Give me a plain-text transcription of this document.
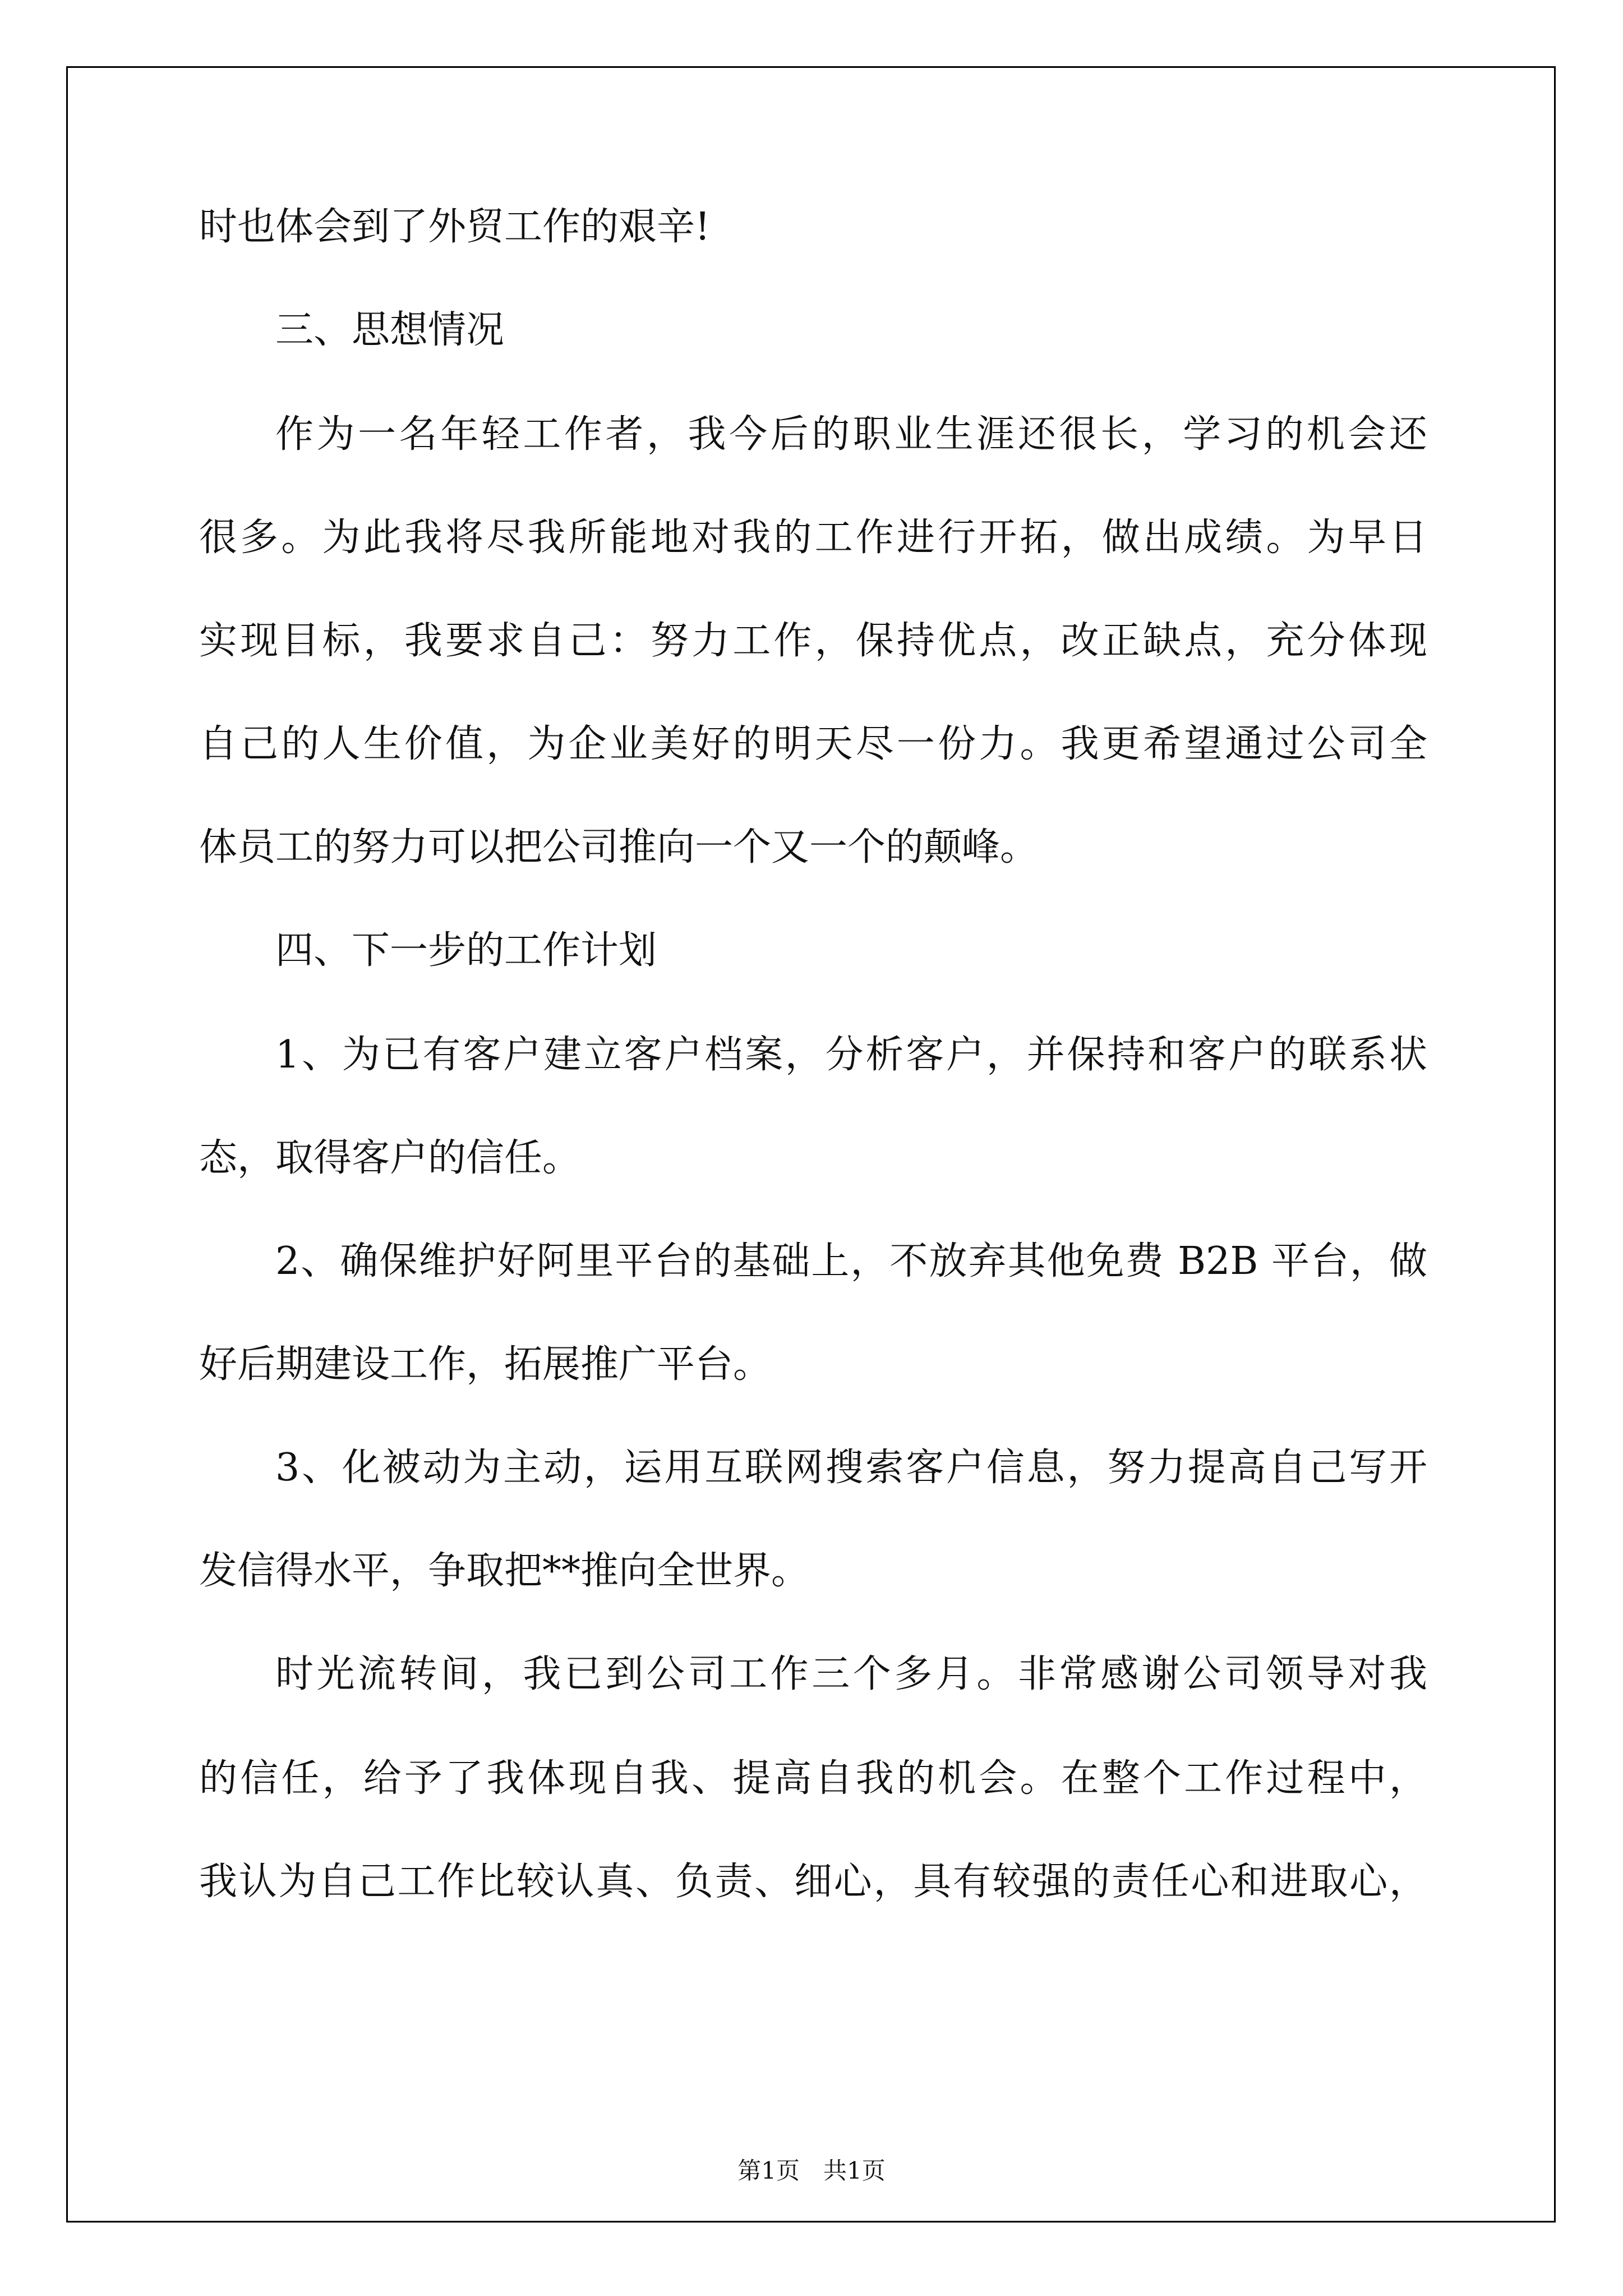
时也体会到了外贸工作的艰辛!
三、思想情况
作为一名年轻工作者，我今后的职业生涯还很长，学习的机会还
很多。为此我将尽我所能地对我的工作进行开拓，做出成绩。为早日
实现目标，我要求自己：努力工作，保持优点，改正缺点，充分体现
自己的人生价值，为企业美好的明天尽一份力。我更希望通过公司全
体员工的努力可以把公司推向一个又一个的颠峰。
四、下一步的工作计划
1、为已有客户建立客户档案，分析客户，并保持和客户的联系状
态，取得客户的信任。
2、确保维护好阿里平台的基础上，不放弃其他免费 B2B 平台，做
好后期建设工作，拓展推广平台。
3、化被动为主动，运用互联网搜索客户信息，努力提高自己写开
发信得水平，争取把**推向全世界。
时光流转间，我已到公司工作三个多月。非常感谢公司领导对我
的信任，给予了我体现自我、提高自我的机会。在整个工作过程中，
我认为自己工作比较认真、负责、细心，具有较强的责任心和进取心，
第1页　共1页
